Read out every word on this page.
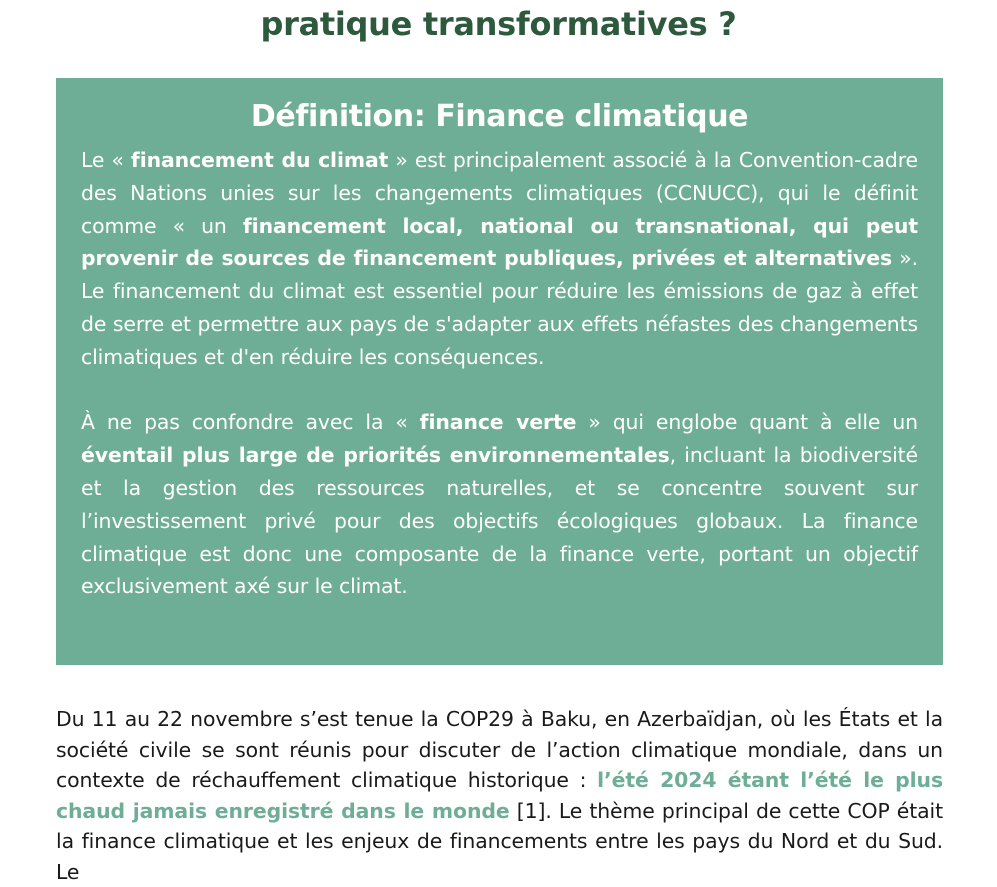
pratique transformatives ?
Définition: Finance climatique

Le « financement du climat » est principalement associé à la Convention-cadre des Nations unies sur les changements climatiques (CCNUCC), qui le définit comme « un financement local, national ou transnational, qui peut provenir de sources de financement publiques, privées et alternatives ». Le financement du climat est essentiel pour réduire les émissions de gaz à effet de serre et permettre aux pays de s'adapter aux effets néfastes des changements climatiques et d'en réduire les conséquences.

À ne pas confondre avec la « finance verte » qui englobe quant à elle un éventail plus large de priorités environnementales, incluant la biodiversité et la gestion des ressources naturelles, et se concentre souvent sur l’investissement privé pour des objectifs écologiques globaux. La finance climatique est donc une composante de la finance verte, portant un objectif exclusivement axé sur le climat.

Du 11 au 22 novembre s’est tenue la COP29 à Baku, en Azerbaïdjan, où les États et la société civile se sont réunis pour discuter de l’action climatique mondiale, dans un contexte de réchauffement climatique historique : l’été 2024 étant l’été le plus chaud jamais enregistré dans le monde [1]. Le thème principal de cette COP était la finance climatique et les enjeux de financements entre les pays du Nord et du Sud. Le
